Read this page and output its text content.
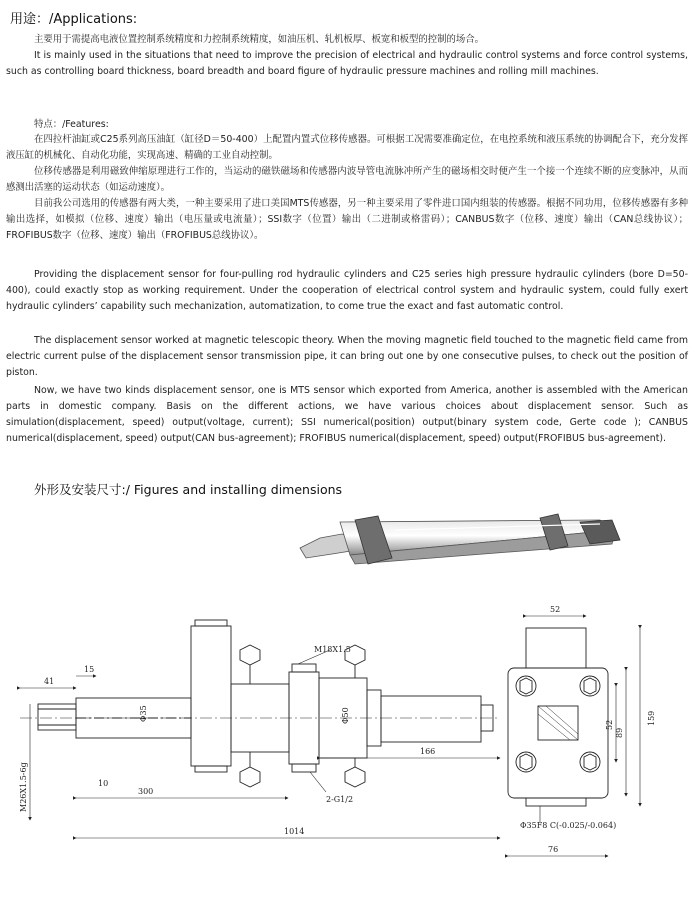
用途：/Applications:

主要用于需提高电液位置控制系统精度和力控制系统精度，如油压机、轧机板厚、板宽和板型的控制的场合。

It is mainly used in the situations that need to improve the precision of electrical and hydraulic control systems and force control systems, such as controlling board thickness, board breadth and board figure of hydraulic pressure machines and rolling mill machines.

特点：/Features:

在四拉杆油缸或C25系列高压油缸（缸径D＝50-400）上配置内置式位移传感器。可根据工况需要准确定位，在电控系统和液压系统的协调配合下，充分发挥液压缸的机械化、自动化功能，实现高速、精确的工业自动控制。

位移传感器是利用磁致伸缩原理进行工作的，当运动的磁铁磁场和传感器内波导管电流脉冲所产生的磁场相交时便产生一个接一个连续不断的应变脉冲，从而感测出活塞的运动状态（如运动速度）。

目前我公司选用的传感器有两大类，一种主要采用了进口美国MTS传感器，另一种主要采用了零件进口国内组装的传感器。根据不同功用，位移传感器有多种输出选择，如模拟（位移、速度）输出（电压量或电流量）；SSI数字（位置）输出（二进制或格雷码）；CANBUS数字（位移、速度）输出（CAN总线协议）；FROFIBUS数字（位移、速度）输出（FROFIBUS总线协议）。

Providing the displacement sensor for four-pulling rod hydraulic cylinders and C25 series high pressure hydraulic cylinders (bore D=50-400), could exactly stop as working requirement. Under the cooperation of electrical control system and hydraulic system, could fully exert hydraulic cylinders’ capability such mechanization, automatization, to come true the exact and fast automatic control.

The displacement sensor worked at magnetic telescopic theory. When the moving magnetic field touched to the magnetic field came from electric current pulse of the displacement sensor transmission pipe, it can bring out one by one consecutive pulses, to check out the position of piston.

Now, we have two kinds displacement sensor, one is MTS sensor which exported from America, another is assembled with the American parts in domestic company. Basis on the different actions, we have various choices about displacement sensor. Such as simulation(displacement, speed) output(voltage, current); SSI numerical(position) output(binary system code, Gerte code ); CANBUS numerical(displacement, speed) output(CAN bus-agreement); FROFIBUS numerical(displacement, speed) output(FROFIBUS bus-agreement).

外形及安装尺寸:/ Figures and installing dimensions
M18X1.5
15
41
Φ35	Φ50
166
10
300
2-G1/2
M26X1.5-6g
1014
52
52
89
159
Φ35F8 C(-0.025/-0.064)
76
